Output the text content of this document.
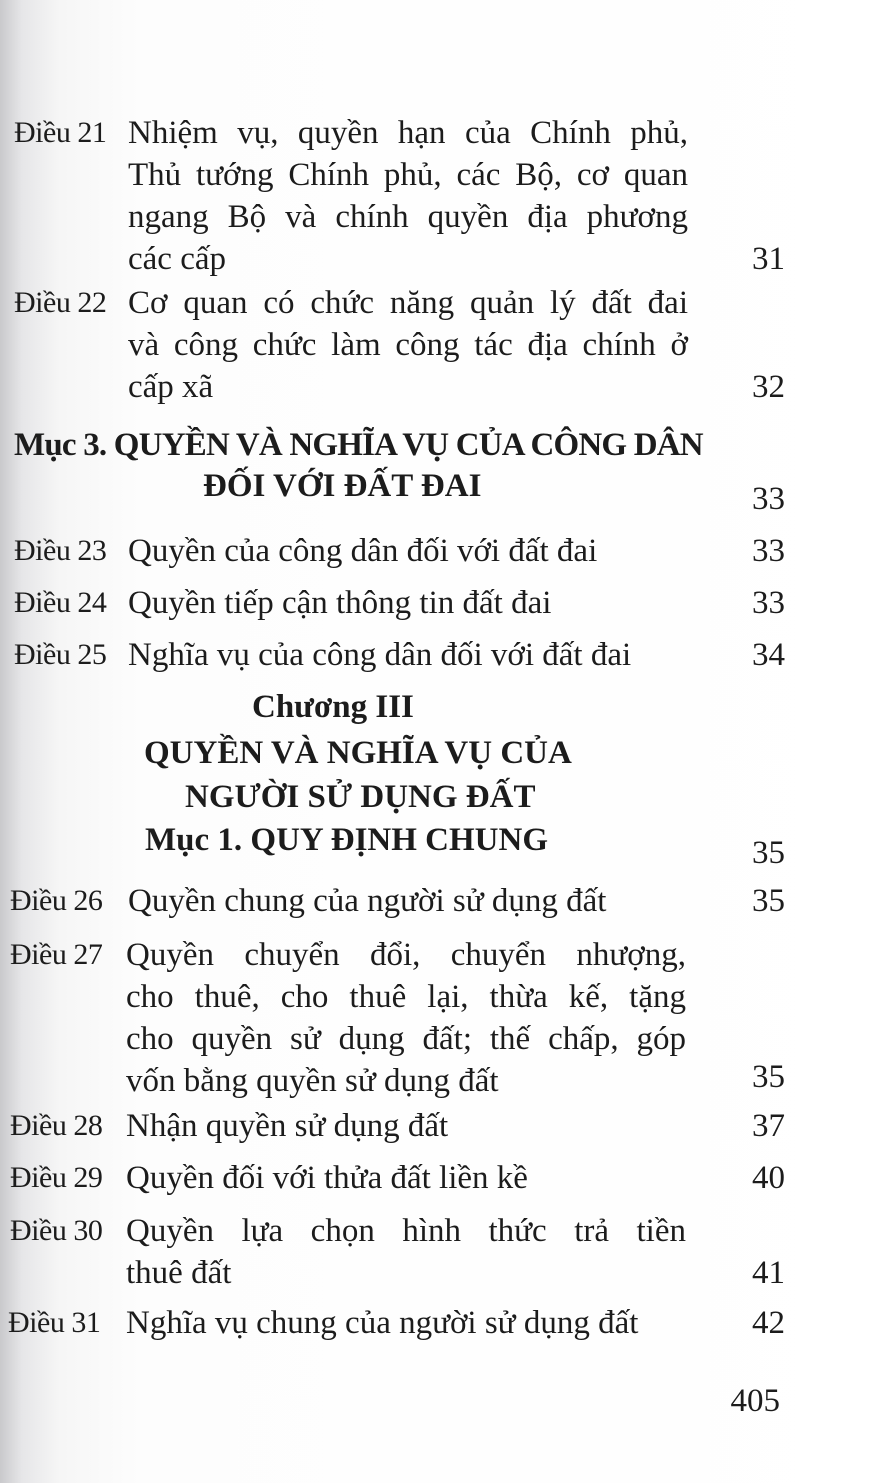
Điều 21 Nhiệm vụ, quyền hạn của Chính phủ,
Thủ tướng Chính phủ, các Bộ, cơ quan
ngang Bộ và chính quyền địa phương
các cấp	31
Điều 22 Cơ quan có chức năng quản lý đất đai
và công chức làm công tác địa chính ở
cấp xã	32
Mục 3. QUYỀN VÀ NGHĨA VỤ CỦA CÔNG DÂN
ĐỐI VỚI ĐẤT ĐAI	33
Điều 23 Quyền của công dân đối với đất đai	33
Điều 24 Quyền tiếp cận thông tin đất đai	33
Điều 25 Nghĩa vụ của công dân đối với đất đai	34
Chương III
QUYỀN VÀ NGHĨA VỤ CỦA
NGƯỜI SỬ DỤNG ĐẤT
Mục 1. QUY ĐỊNH CHUNG	35
Điều 26 Quyền chung của người sử dụng đất	35
Điều 27 Quyền chuyển đổi, chuyển nhượng,
cho thuê, cho thuê lại, thừa kế, tặng
cho quyền sử dụng đất; thế chấp, góp
vốn bằng quyền sử dụng đất	35
Điều 28 Nhận quyền sử dụng đất	37
Điều 29 Quyền đối với thửa đất liền kề	40
Điều 30 Quyền lựa chọn hình thức trả tiền
thuê đất	41
Điều 31 Nghĩa vụ chung của người sử dụng đất	42
405
